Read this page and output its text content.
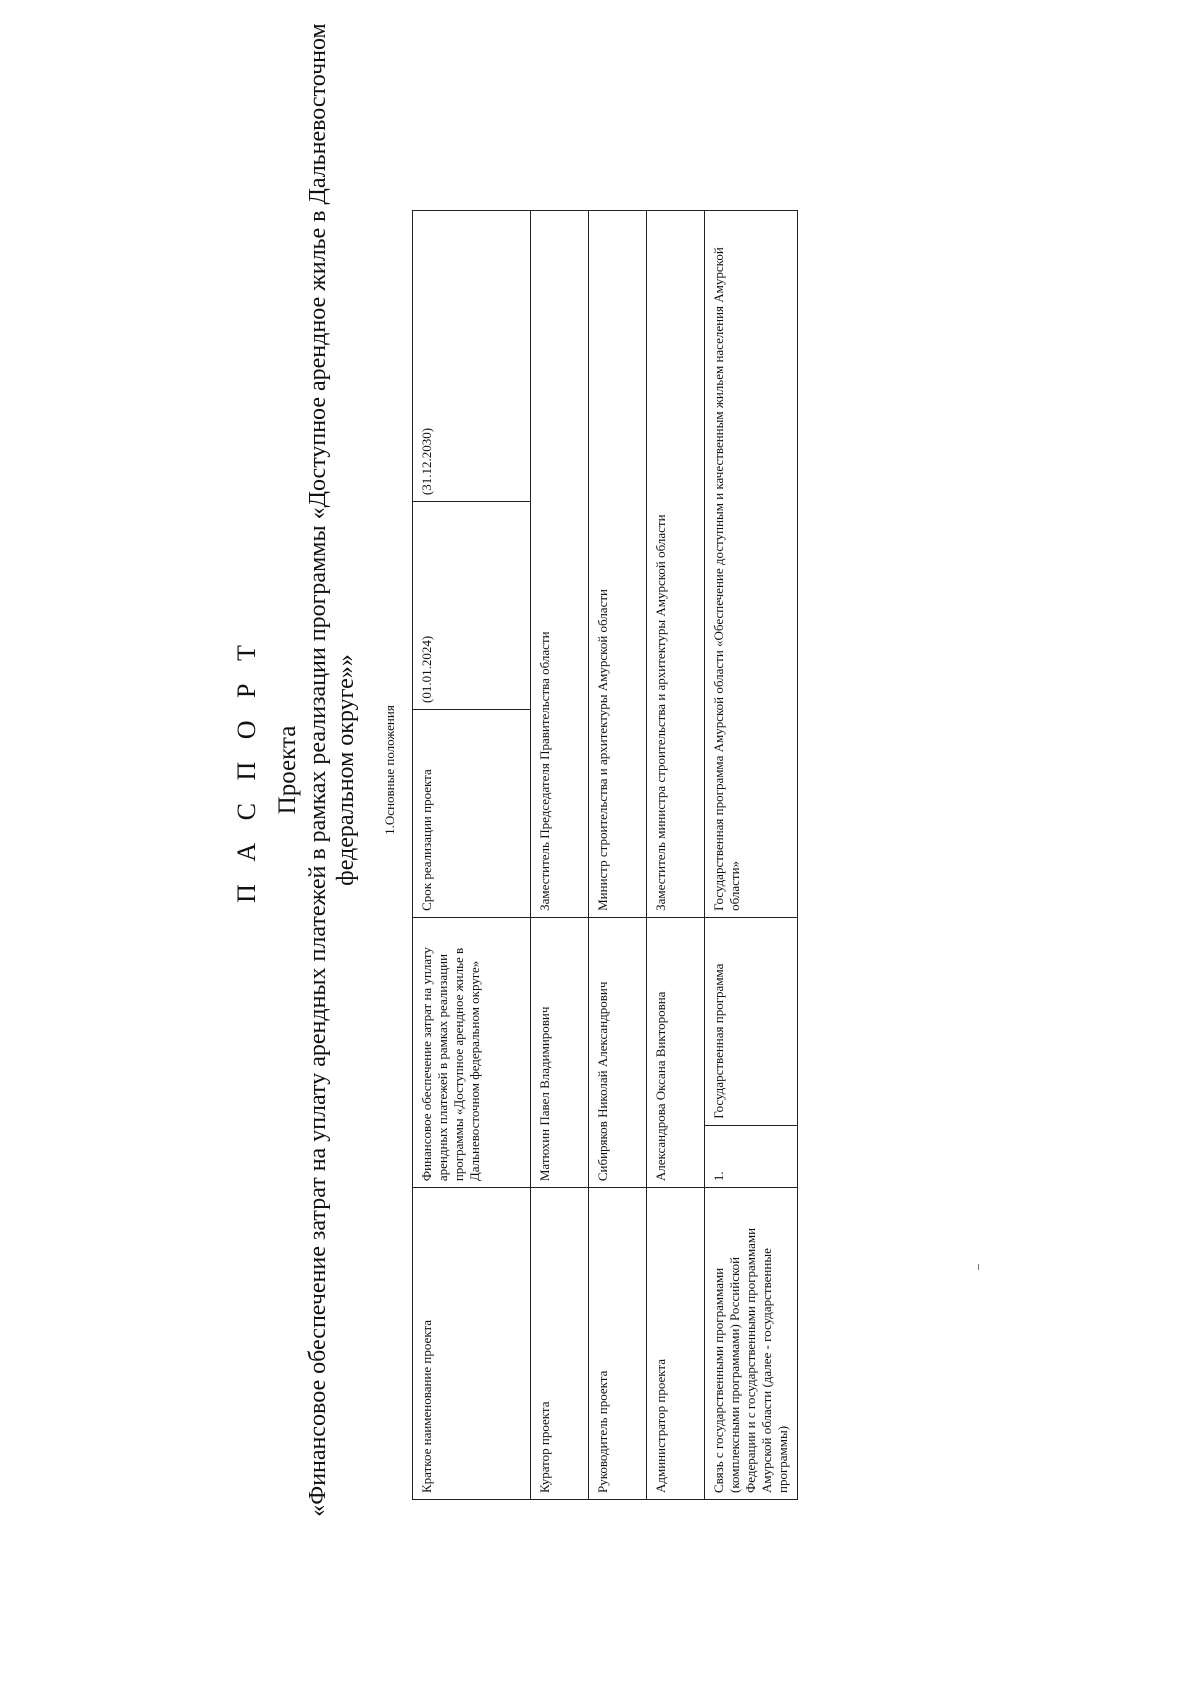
П А С П О Р Т Проекта «Финансовое обеспечение затрат на уплату арендных платежей в рамках реализации программы «Доступное арендное жилье в Дальневосточном федеральном округе»» 1.Основные положения
Краткое наименование проекта	Финансовое обеспечение затрат на уплату арендных платежей в рамках реализации программы «Доступное арендное жилье в Дальневосточном федеральном округе»		Срок реализации проекта	(01.01.2024)	(31.12.2030)
Куратор проекта	Матюхин Павел Владимирович		Заместитель Председателя Правительства области		
Руководитель проекта	Сибиряков Николай Александрович		Министр строительства и архитектуры Амурской области		
Администратор проекта	Александрова Оксана Викторовна		Заместитель министра строительства и архитектуры Амурской области		
Связь с государственными программами (комплексными программами) Российской Федерации и с государственными программами Амурской области (далее - государственные программы)	1.	Государственная программа	Государственная программа Амурской области «Обеспечение доступным и качественным жильем населения Амурской области»		
